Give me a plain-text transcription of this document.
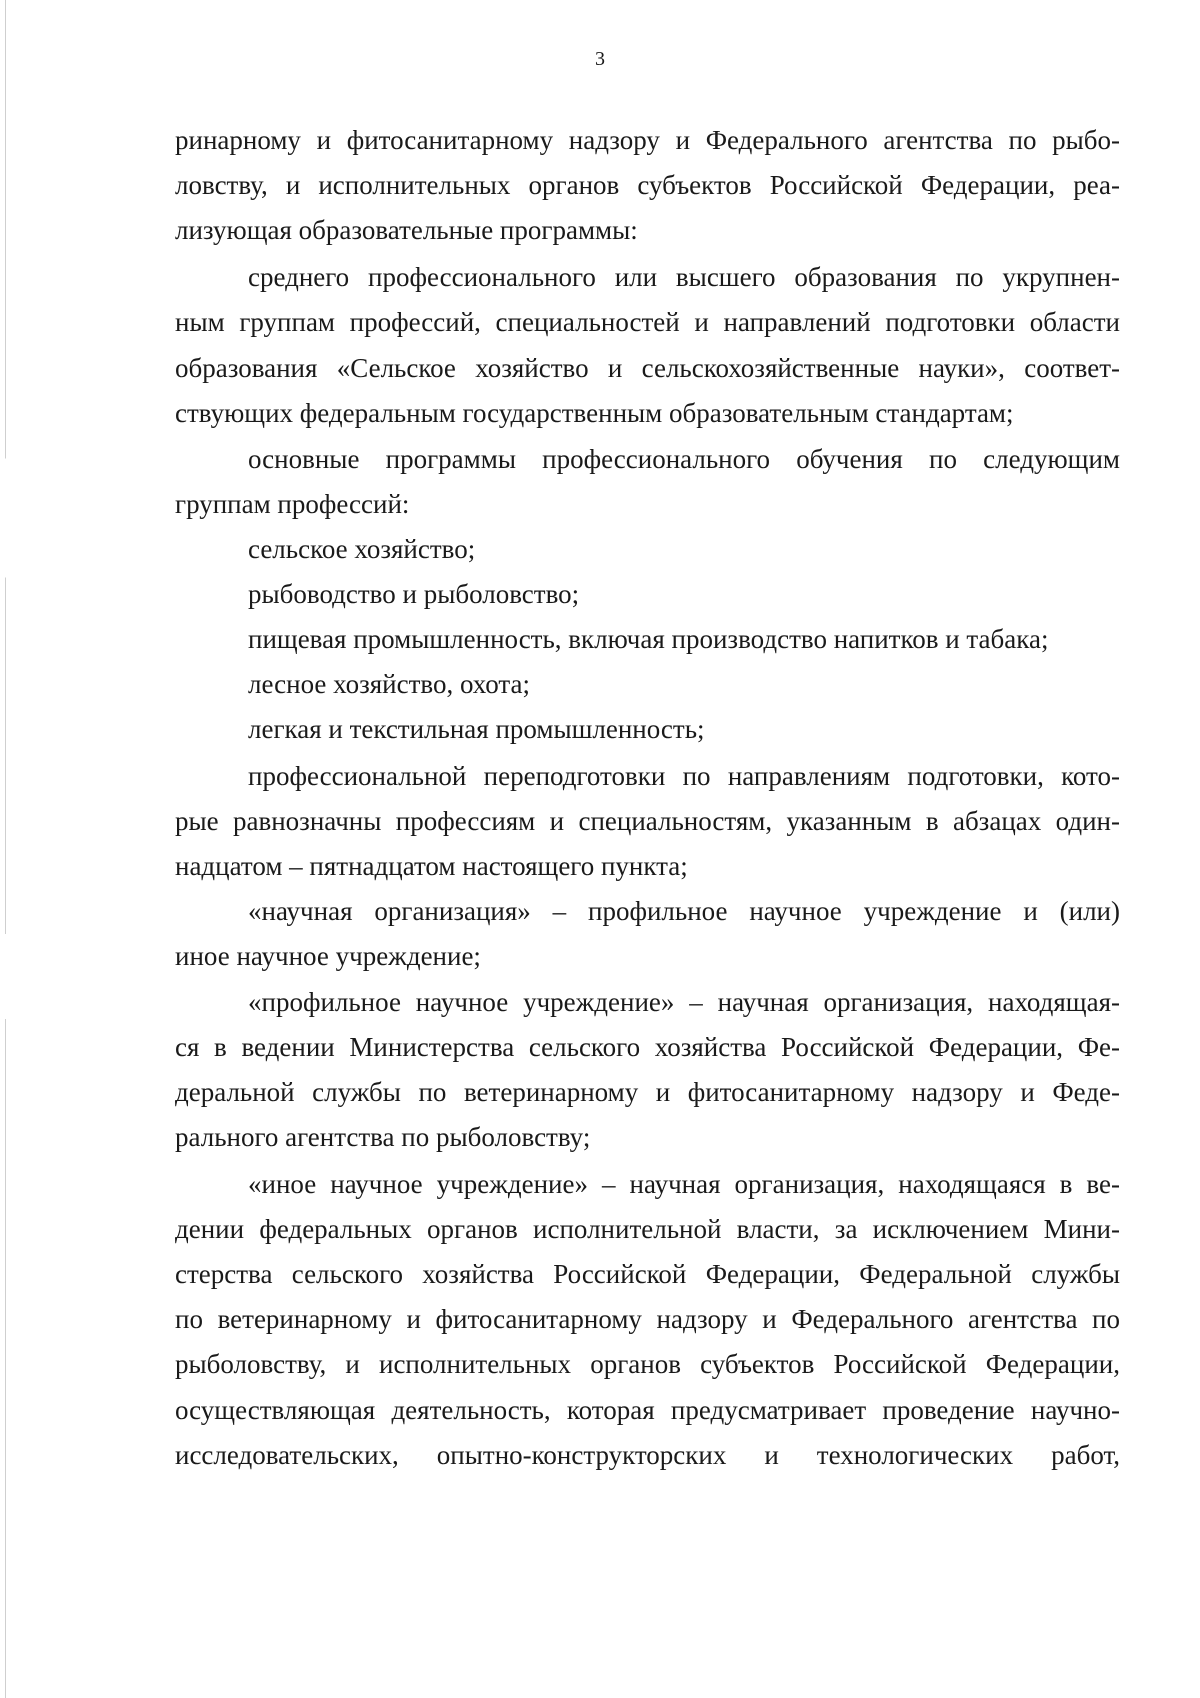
3
ринарному и фитосанитарному надзору и Федерального агентства по рыбо-
ловству, и исполнительных органов субъектов Российской Федерации, реа-
лизующая образовательные программы:
среднего профессионального или высшего образования по укрупнен-
ным группам профессий, специальностей и направлений подготовки области
образования «Сельское хозяйство и сельскохозяйственные науки», соответ-
ствующих федеральным государственным образовательным стандартам;
основные программы профессионального обучения по следующим
группам профессий:
сельское хозяйство;
рыбоводство и рыболовство;
пищевая промышленность, включая производство напитков и табака;
лесное хозяйство, охота;
легкая и текстильная промышленность;
профессиональной переподготовки по направлениям подготовки, кото-
рые равнозначны профессиям и специальностям, указанным в абзацах один-
надцатом – пятнадцатом настоящего пункта;
«научная организация» – профильное научное учреждение и (или)
иное научное учреждение;
«профильное научное учреждение» – научная организация, находящая-
ся в ведении Министерства сельского хозяйства Российской Федерации, Фе-
деральной службы по ветеринарному и фитосанитарному надзору и Феде-
рального агентства по рыболовству;
«иное научное учреждение» – научная организация, находящаяся в ве-
дении федеральных органов исполнительной власти, за исключением Мини-
стерства сельского хозяйства Российской Федерации, Федеральной службы
по ветеринарному и фитосанитарному надзору и Федерального агентства по
рыболовству, и исполнительных органов субъектов Российской Федерации,
осуществляющая деятельность, которая предусматривает проведение научно-
исследовательских, опытно-конструкторских и технологических работ,
